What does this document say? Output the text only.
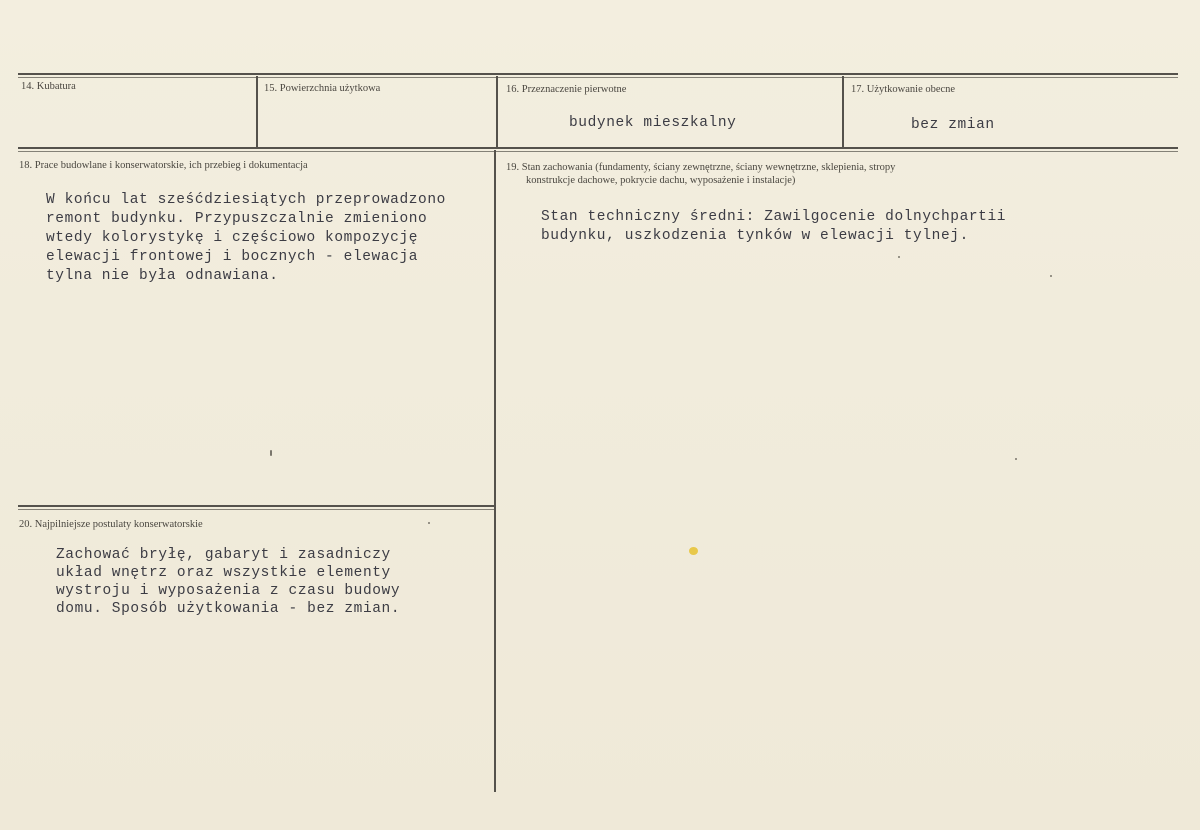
14. Kubatura	15. Powierzchnia użytkowa	16. Przeznaczenie pierwotne
budynek mieszkalny
17. Użytkowanie obecne
bez zmian
18. Prace budowlane i konserwatorskie, ich przebieg i dokumentacja
W końcu lat sześćdziesiątych przeprowadzono
remont budynku. Przypuszczalnie zmieniono
wtedy kolorystykę i częściowo kompozycję
elewacji frontowej i bocznych - elewacja
tylna nie była odnawiana.
19. Stan zachowania (fundamenty, ściany zewnętrzne, ściany wewnętrzne, sklepienia, stropy
konstrukcje dachowe, pokrycie dachu, wyposażenie i instalacje)
Stan techniczny średni: Zawilgocenie dolnychpartii
budynku, uszkodzenia tynków w elewacji tylnej.
20. Najpilniejsze postulaty konserwatorskie
Zachować bryłę, gabaryt i zasadniczy
układ wnętrz oraz wszystkie elementy
wystroju i wyposażenia z czasu budowy
domu. Sposób użytkowania - bez zmian.
